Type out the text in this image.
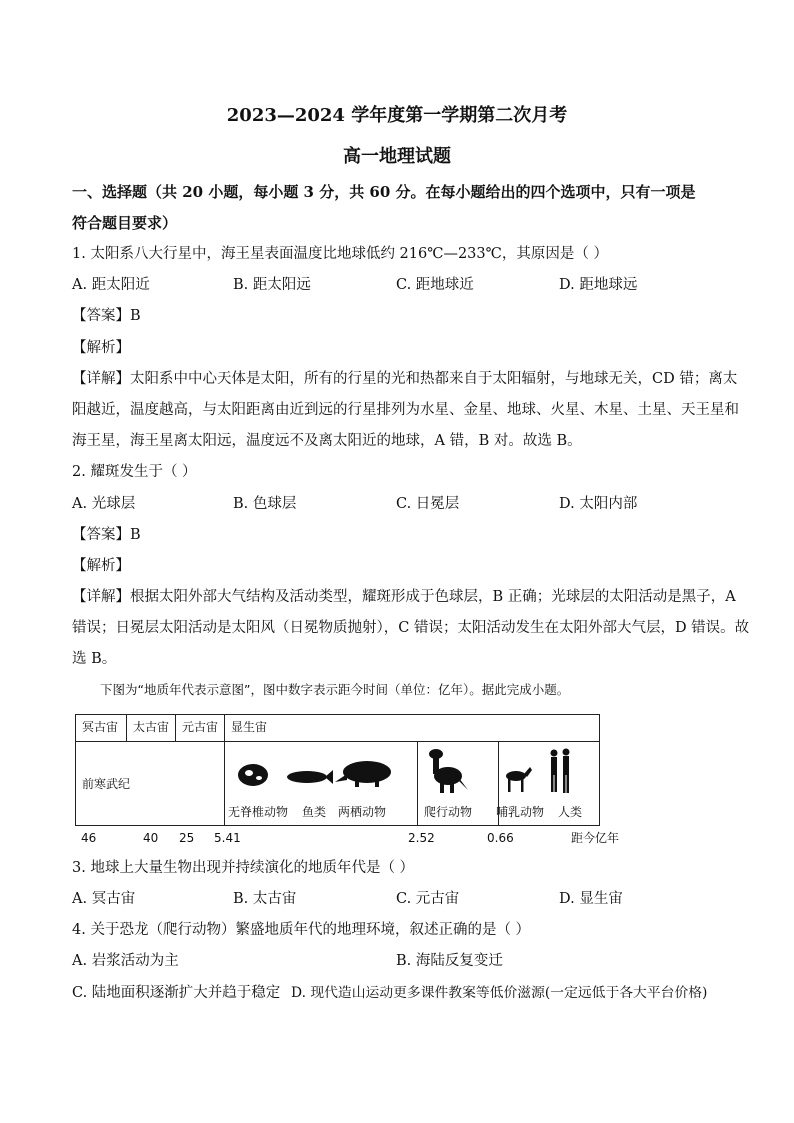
2023—2024 学年度第一学期第二次月考
高一地理试题
一、选择题（共 20 小题，每小题 3 分，共 60 分。在每小题给出的四个选项中，只有一项是
符合题目要求）
1. 太阳系八大行星中，海王星表面温度比地球低约 216℃—233℃，其原因是（ ）
A. 距太阳近	B. 距太阳远	C. 距地球近	D. 距地球远
【答案】B
【解析】
【详解】太阳系中中心天体是太阳，所有的行星的光和热都来自于太阳辐射，与地球无关，CD 错；离太
阳越近，温度越高，与太阳距离由近到远的行星排列为水星、金星、地球、火星、木星、土星、天王星和
海王星，海王星离太阳远，温度远不及离太阳近的地球，A 错，B 对。故选 B。
2. 耀斑发生于（ ）
A. 光球层	B. 色球层	C. 日冕层	D. 太阳内部
【答案】B
【解析】
【详解】根据太阳外部大气结构及活动类型，耀斑形成于色球层，B 正确；光球层的太阳活动是黑子，A
错误；日冕层太阳活动是太阳风（日冕物质抛射），C 错误；太阳活动发生在太阳外部大气层，D 错误。故
选 B。
下图为“地质年代表示意图”，图中数字表示距今时间（单位：亿年）。据此完成小题。
冥古宙	太古宙	元古宙	显生宙		
前寒武纪					
无脊椎动物 鱼类 两栖动物	爬行动物 哺乳动物 人类
46	40 25 5.41	2.52	0.66	距今亿年
3. 地球上大量生物出现并持续演化的地质年代是（ ）
A. 冥古宙	B. 太古宙	C. 元古宙	D. 显生宙
4. 关于恐龙（爬行动物）繁盛地质年代的地理环境，叙述正确的是（ ）
A. 岩浆活动为主	B. 海陆反复变迁
C. 陆地面积逐渐扩大并趋于稳定 D. 现代造山运动更多课件教案等低价滋源(一定远低于各大平台价格)
